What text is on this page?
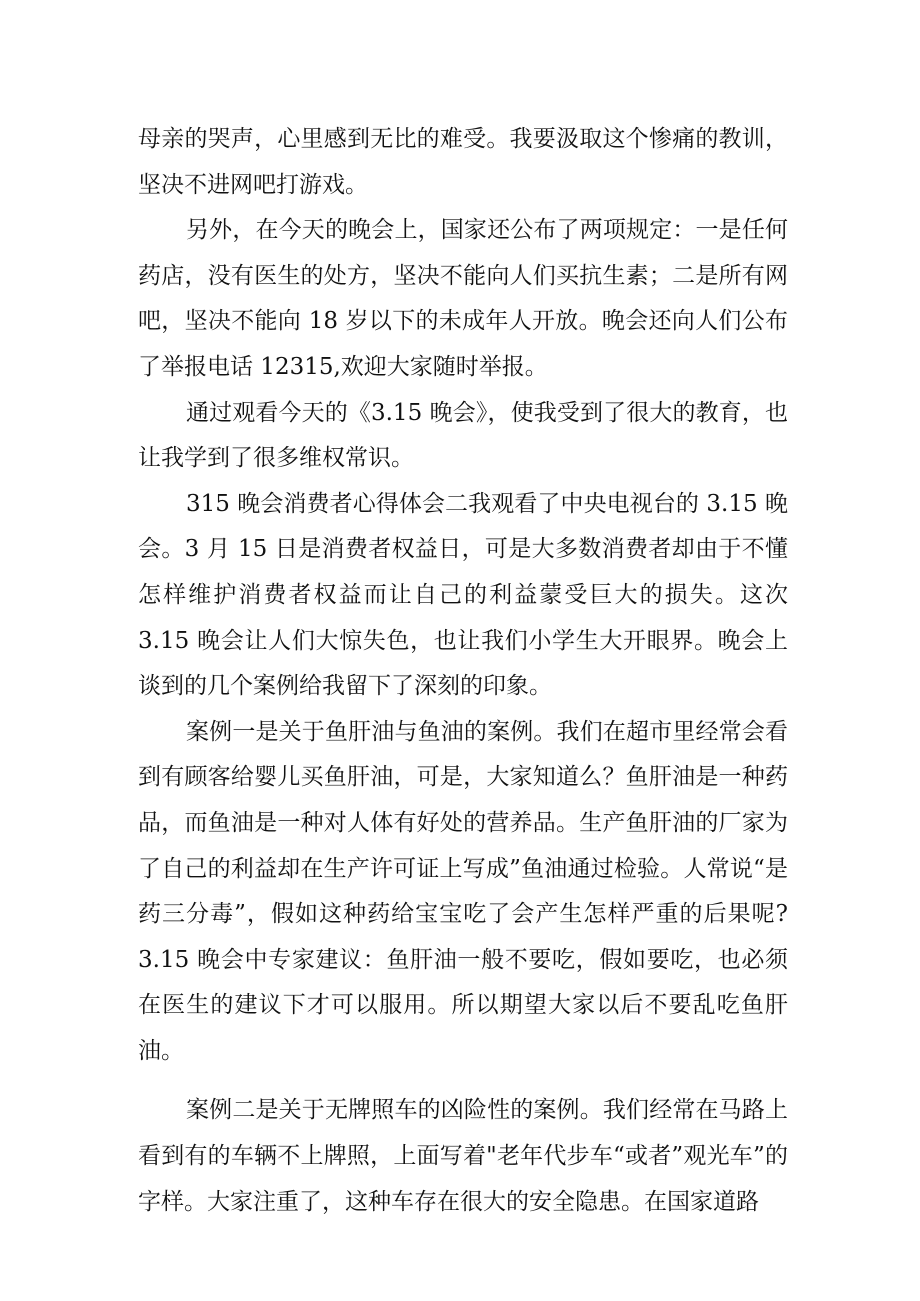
母亲的哭声，心里感到无比的难受。我要汲取这个惨痛的教训，坚决不进网吧打游戏。

另外，在今天的晚会上，国家还公布了两项规定：一是任何药店，没有医生的处方，坚决不能向人们买抗生素；二是所有网吧，坚决不能向 18 岁以下的未成年人开放。晚会还向人们公布了举报电话 12315,欢迎大家随时举报。

通过观看今天的《3.15 晚会》，使我受到了很大的教育，也让我学到了很多维权常识。

315 晚会消费者心得体会二我观看了中央电视台的 3.15 晚会。3 月 15 日是消费者权益日，可是大多数消费者却由于不懂怎样维护消费者权益而让自己的利益蒙受巨大的损失。这次 3.15 晚会让人们大惊失色，也让我们小学生大开眼界。晚会上谈到的几个案例给我留下了深刻的印象。

案例一是关于鱼肝油与鱼油的案例。我们在超市里经常会看到有顾客给婴儿买鱼肝油，可是，大家知道么？鱼肝油是一种药品，而鱼油是一种对人体有好处的营养品。生产鱼肝油的厂家为了自己的利益却在生产许可证上写成”鱼油通过检验。人常说“是药三分毒”，假如这种药给宝宝吃了会产生怎样严重的后果呢?3.15 晚会中专家建议：鱼肝油一般不要吃，假如要吃，也必须在医生的建议下才可以服用。所以期望大家以后不要乱吃鱼肝油。

案例二是关于无牌照车的凶险性的案例。我们经常在马路上看到有的车辆不上牌照，上面写着"老年代步车“或者”观光车”的字样。大家注重了，这种车存在很大的安全隐患。在国家道路
